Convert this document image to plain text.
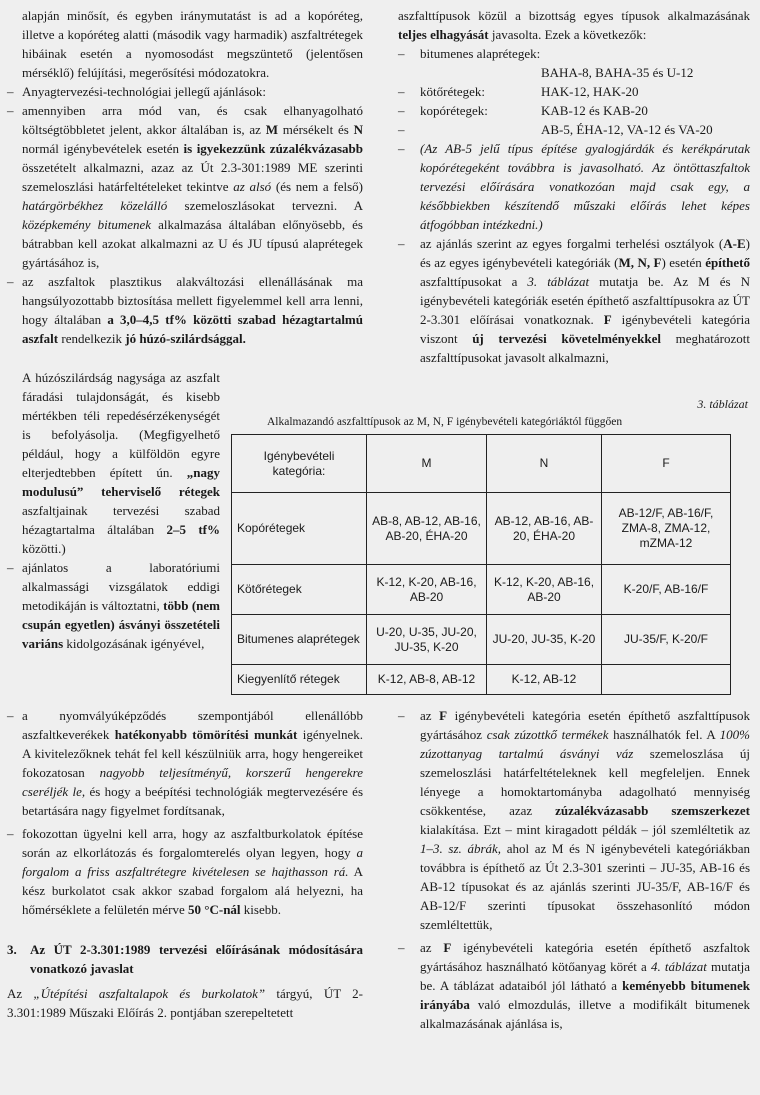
alapján minősít, és egyben iránymutatást is ad a kopóréteg, illetve a kopóréteg alatti (második vagy harmadik) aszfaltrétegek hibáinak esetén a nyomosodást megszüntető (jelentősen mérséklő) felújítási, megerősítési módozatokra.

– Anyagtervezési-technológiai jellegű ajánlások:
– amennyiben arra mód van, és csak elhanyagolható költségtöbbletet jelent, akkor általában is, az M mérsékelt és N normál igénybevételek esetén is igyekezzünk zúzalékvázasabb összetételt alkalmazni, azaz az Út 2.3-301:1989 ME szerinti szemeloszlási határfeltételeket tekintve az alsó (és nem a felső) határgörbékhez közelálló szemeloszlásokat tervezni. A középkemény bitumenek alkalmazása általában előnyösebb, és bátrabban kell azokat alkalmazni az U és JU típusú alaprétegek gyártásához is,
– az aszfaltok plasztikus alakváltozási ellenállásának ma hangsúlyozottabb biztosítása mellett figyelemmel kell arra lenni, hogy általában a 3,0–4,5 tf% közötti szabad hézagtartalmú aszfalt rendelkezik jó húzó-szilárdsággal.

A húzószilárdság nagysága az aszfalt fáradási tulajdonságát, és kisebb mértékben téli repedésérzékenységét is befolyásolja. (Megfigyelhető például, hogy a külföldön egyre elterjedtebben épített ún. „nagy modulusú” teherviselő rétegek aszfaltjainak tervezési szabad hézagtartalma általában 2–5 tf% közötti.)

– ajánlatos a laboratóriumi alkalmassági vizsgálatok eddigi metodikáján is változtatni, több (nem csupán egyetlen) ásványi összetételi variáns kidolgozásának igényével,
– a nyomvályúképződés szempontjából ellenállóbb aszfaltkeverékek hatékonyabb tömörítési munkát igényelnek. A kivitelezőknek tehát fel kell készülniük arra, hogy hengereiket fokozatosan nagyobb teljesítményű, korszerű hengerekre cseréljék le, és hogy a beépítési technológiák megtervezésére és betartására nagy figyelmet fordítsanak,
– fokozottan ügyelni kell arra, hogy az aszfaltburkolatok építése során az elkorlátozás és forgalomterelés olyan legyen, hogy a forgalom a friss aszfaltrétegre kivételesen se hajthasson rá. A kész burkolatot csak akkor szabad forgalom alá helyezni, ha hőmérséklete a felületén mérve 50 °C-nál kisebb.
3. Az ÚT 2-3.301:1989 tervezési előírásának módosítására vonatkozó javaslat

Az „Útépítési aszfaltalapok és burkolatok” tárgyú, ÚT 2-3.301:1989 Műszaki Előírás 2. pontjában szerepeltetett

aszfalttípusok közül a bizottság egyes típusok alkalmazásának teljes elhagyását javasolta. Ezek a következők:

– bitumenes alaprétegek:
BAHA-8, BAHA-35 és U-12
– kötőrétegek:	HAK-12, HAK-20
– kopórétegek:	KAB-12 és KAB-20
–	AB-5, ÉHA-12, VA-12 és VA-20
– (Az AB-5 jelű típus építése gyalogjárdák és kerékpárutak kopórétegeként továbbra is javasolható. Az öntöttaszfaltok tervezési előírására vonatkozóan majd csak egy, a későbbiekben készítendő műszaki előírás lehet képes átfogóbban intézkedni.)
– az ajánlás szerint az egyes forgalmi terhelési osztályok (A-E) és az egyes igénybevételi kategóriák (M, N, F) esetén építhető aszfalttípusokat a 3. táblázat mutatja be. Az M és N igénybevételi kategóriák esetén építhető aszfalttípusokra az ÚT 2-3.301 előírásai vonatkoznak. F igénybevételi kategória viszont új tervezési követelményekkel meghatározott aszfalttípusokat javasolt alkalmazni,
3. táblázat
Alkalmazandó aszfalttípusok az M, N, F igénybevételi kategóriáktól függően
Igénybevételi kategória:	M	N	F
Kopórétegek	AB-8, AB-12, AB-16, AB-20, ÉHA-20	AB-12, AB-16, AB-20, ÉHA-20	AB-12/F, AB-16/F, ZMA-8, ZMA-12, mZMA-12
Kötőrétegek	K-12, K-20, AB-16, AB-20	K-12, K-20, AB-16, AB-20	K-20/F, AB-16/F
Bitumenes alaprétegek	U-20, U-35, JU-20, JU-35, K-20	JU-20, JU-35, K-20	JU-35/F, K-20/F
Kiegyenlítő rétegek	K-12, AB-8, AB-12	K-12, AB-12	
– az F igénybevételi kategória esetén építhető aszfalttípusok gyártásához csak zúzottkő termékek használhatók fel. A 100% zúzottanyag tartalmú ásványi váz szemeloszlása új szemeloszlási határfeltételeknek kell megfeleljen. Ennek lényege a homoktartományba adagolható mennyiség csökkentése, azaz zúzalékvázasabb szemszerkezet kialakítása. Ezt – mint kiragadott példák – jól szemléltetik az 1–3. sz. ábrák, ahol az M és N igénybevételi kategóriákban továbbra is építhető az Út 2.3-301 szerinti – JU-35, AB-16 és AB-12 típusokat és az ajánlás szerinti JU-35/F, AB-16/F és AB-12/F szerinti típusokat összehasonlító módon szemléltettük,
– az F igénybevételi kategória esetén építhető aszfaltok gyártásához használható kötőanyag körét a 4. táblázat mutatja be. A táblázat adataiból jól látható a keményebb bitumenek irányába való elmozdulás, illetve a modifikált bitumenek alkalmazásának ajánlása is,
